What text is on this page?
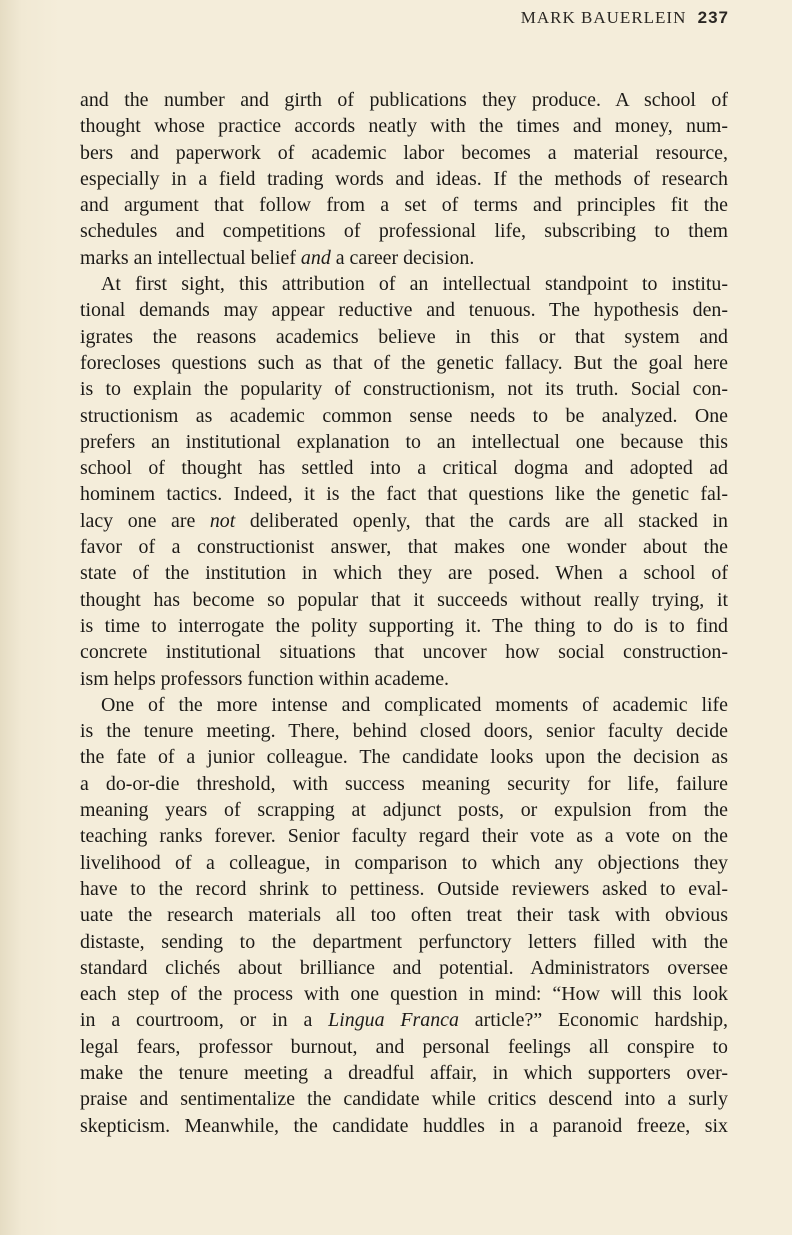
MARK BAUERLEIN 237

and the number and girth of publications they produce. A school of
thought whose practice accords neatly with the times and money, num-
bers and paperwork of academic labor becomes a material resource,
especially in a field trading words and ideas. If the methods of research
and argument that follow from a set of terms and principles fit the
schedules and competitions of professional life, subscribing to them
marks an intellectual belief and a career decision.

At first sight, this attribution of an intellectual standpoint to institu-
tional demands may appear reductive and tenuous. The hypothesis den-
igrates the reasons academics believe in this or that system and
forecloses questions such as that of the genetic fallacy. But the goal here
is to explain the popularity of constructionism, not its truth. Social con-
structionism as academic common sense needs to be analyzed. One
prefers an institutional explanation to an intellectual one because this
school of thought has settled into a critical dogma and adopted ad
hominem tactics. Indeed, it is the fact that questions like the genetic fal-
lacy one are not deliberated openly, that the cards are all stacked in
favor of a constructionist answer, that makes one wonder about the
state of the institution in which they are posed. When a school of
thought has become so popular that it succeeds without really trying, it
is time to interrogate the polity supporting it. The thing to do is to find
concrete institutional situations that uncover how social construction-
ism helps professors function within academe.

One of the more intense and complicated moments of academic life
is the tenure meeting. There, behind closed doors, senior faculty decide
the fate of a junior colleague. The candidate looks upon the decision as
a do-or-die threshold, with success meaning security for life, failure
meaning years of scrapping at adjunct posts, or expulsion from the
teaching ranks forever. Senior faculty regard their vote as a vote on the
livelihood of a colleague, in comparison to which any objections they
have to the record shrink to pettiness. Outside reviewers asked to eval-
uate the research materials all too often treat their task with obvious
distaste, sending to the department perfunctory letters filled with the
standard clichés about brilliance and potential. Administrators oversee
each step of the process with one question in mind: “How will this look
in a courtroom, or in a Lingua Franca article?” Economic hardship,
legal fears, professor burnout, and personal feelings all conspire to
make the tenure meeting a dreadful affair, in which supporters over-
praise and sentimentalize the candidate while critics descend into a surly
skepticism. Meanwhile, the candidate huddles in a paranoid freeze, six
